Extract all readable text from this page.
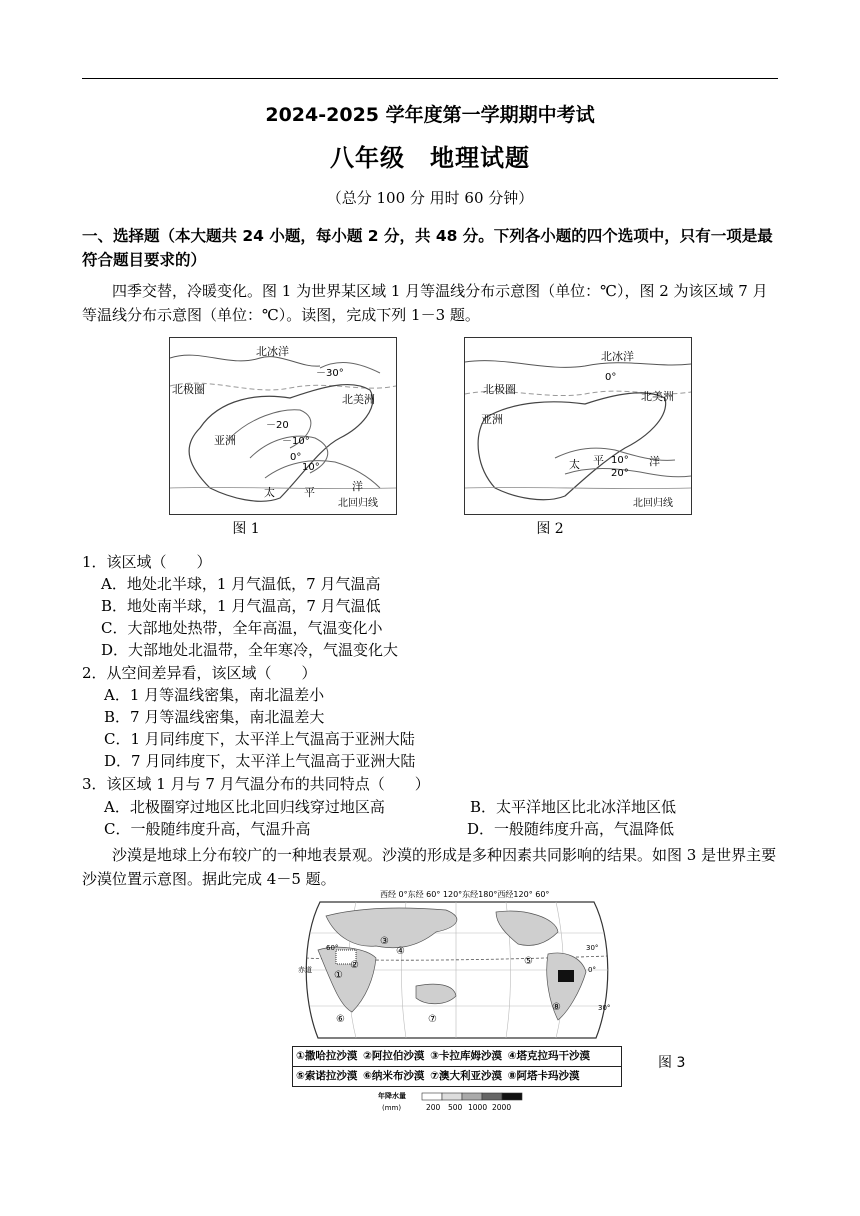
2024-2025 学年度第一学期期中考试
八年级　地理试题
（总分 100 分 用时 60 分钟）
一、选择题（本大题共 24 小题，每小题 2 分，共 48 分。下列各小题的四个选项中，只有一项是最符合题目要求的）
四季交替，冷暖变化。图 1 为世界某区域 1 月等温线分布示意图（单位：℃），图 2 为该区域 7 月等温线分布示意图（单位：℃）。读图，完成下列 1－3 题。
北冰洋
－30°
北极圈
北美洲
－20
亚洲	－10°
0°
10°
太	平	洋
北回归线
图 1
北冰洋
0°
北极圈
北美洲
亚洲
太 平 10° 洋
20°
北回归线
图 2
1．该区域（　　）
A．地处北半球，1 月气温低，7 月气温高
B．地处南半球，1 月气温高，7 月气温低
C．大部地处热带，全年高温，气温变化小
D．大部地处北温带，全年寒冷，气温变化大
2．从空间差异看，该区域（　　）
A．1 月等温线密集，南北温差小
B．7 月等温线密集，南北温差大
C．1 月同纬度下，太平洋上气温高于亚洲大陆
D．7 月同纬度下，太平洋上气温高于亚洲大陆
3．该区域 1 月与 7 月气温分布的共同特点（　　）
A．北极圈穿过地区比北回归线穿过地区高	B．太平洋地区比北冰洋地区低
C．一般随纬度升高，气温升高	D．一般随纬度升高，气温降低
沙漠是地球上分布较广的一种地表景观。沙漠的形成是多种因素共同影响的结果。如图 3 是世界主要沙漠位置示意图。据此完成 4－5 题。
西经 0°东经 60° 120°东经180°西经120° 60°
60°	30°
0°
30°
赤道 ①
②
③
④
⑤
⑥	⑦
⑧
①撒哈拉沙漠 ②阿拉伯沙漠 ③卡拉库姆沙漠 ④塔克拉玛干沙漠
⑤索诺拉沙漠 ⑥纳米布沙漠 ⑦澳大利亚沙漠 ⑧阿塔卡玛沙漠
图 3
年降水量
(mm)	200 500 1000 2000
